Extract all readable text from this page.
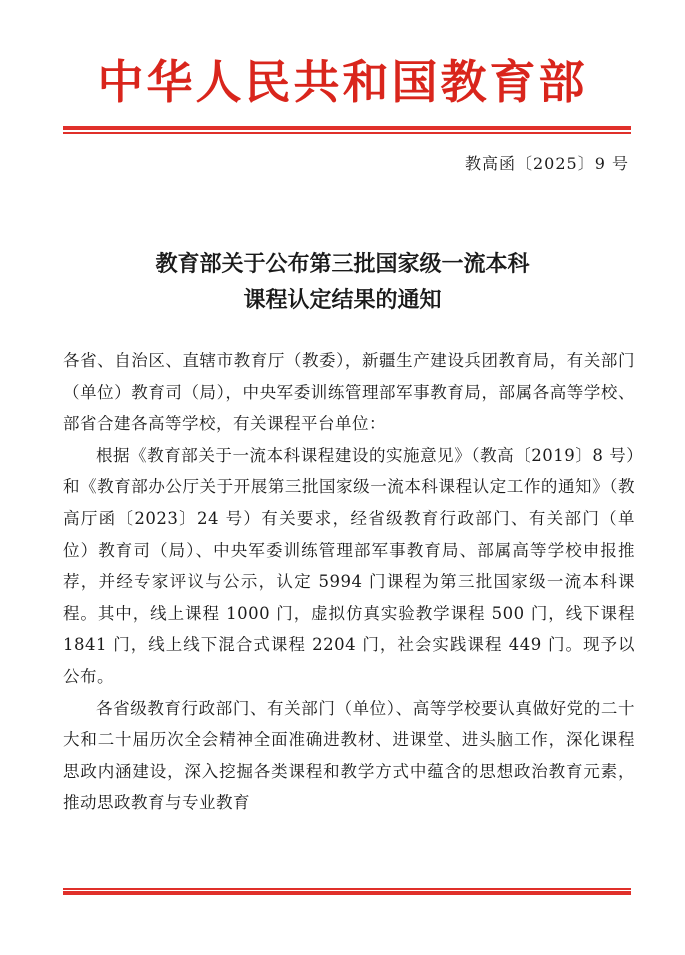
中华人民共和国教育部
教高函〔2025〕9 号
教育部关于公布第三批国家级一流本科
课程认定结果的通知

各省、自治区、直辖市教育厅（教委），新疆生产建设兵团教育局，有关部门（单位）教育司（局），中央军委训练管理部军事教育局，部属各高等学校、部省合建各高等学校，有关课程平台单位：

根据《教育部关于一流本科课程建设的实施意见》（教高〔2019〕8 号）和《教育部办公厅关于开展第三批国家级一流本科课程认定工作的通知》（教高厅函〔2023〕24 号）有关要求，经省级教育行政部门、有关部门（单位）教育司（局）、中央军委训练管理部军事教育局、部属高等学校申报推荐，并经专家评议与公示，认定 5994 门课程为第三批国家级一流本科课程。其中，线上课程 1000 门，虚拟仿真实验教学课程 500 门，线下课程 1841 门，线上线下混合式课程 2204 门，社会实践课程 449 门。现予以公布。

各省级教育行政部门、有关部门（单位）、高等学校要认真做好党的二十大和二十届历次全会精神全面准确进教材、进课堂、进头脑工作，深化课程思政内涵建设，深入挖掘各类课程和教学方式中蕴含的思想政治教育元素，推动思政教育与专业教育
